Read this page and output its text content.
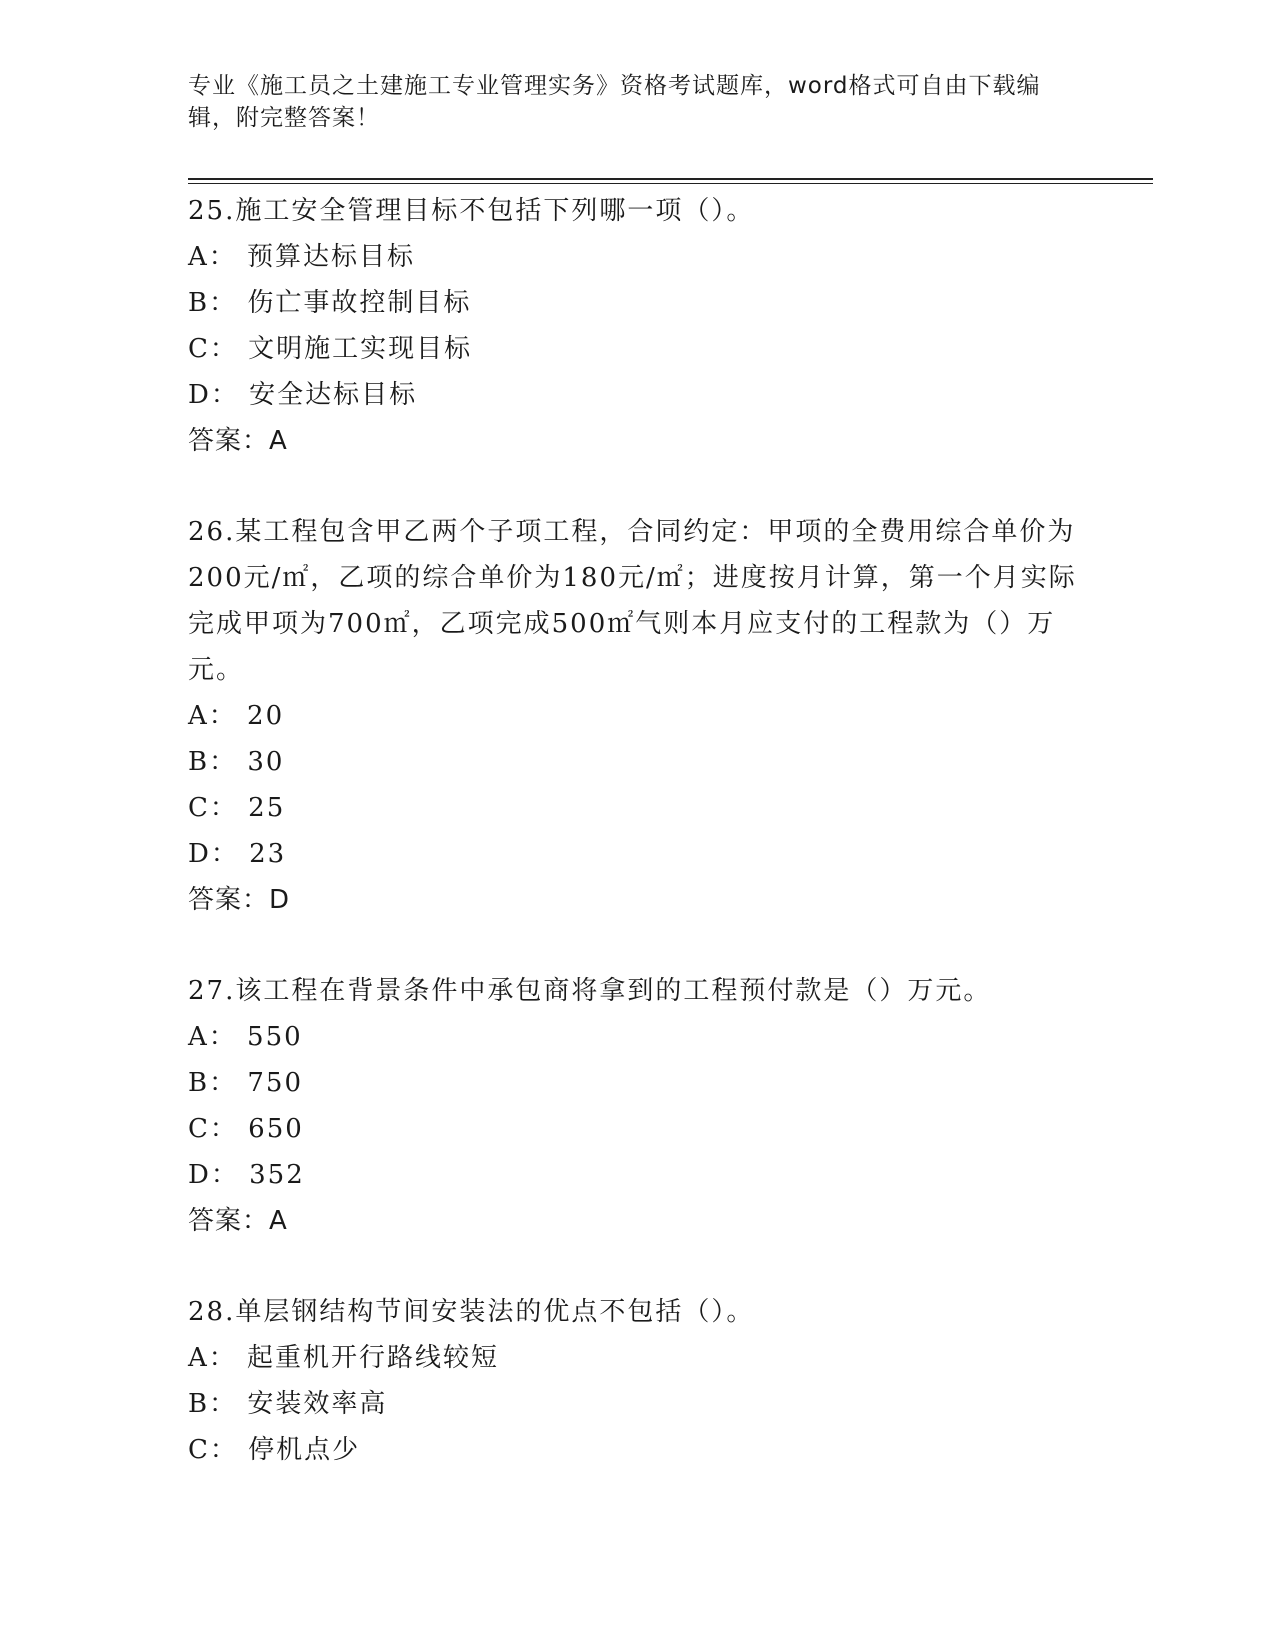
专业《施工员之土建施工专业管理实务》资格考试题库，word格式可自由下载编辑，附完整答案！

25.施工安全管理目标不包括下列哪一项（）。

A： 预算达标目标

B： 伤亡事故控制目标

C： 文明施工实现目标

D： 安全达标目标

答案：A

26.某工程包含甲乙两个子项工程，合同约定：甲项的全费用综合单价为200元/㎡，乙项的综合单价为180元/㎡；进度按月计算，第一个月实际完成甲项为700㎡，乙项完成500㎡气则本月应支付的工程款为（）万元。

A： 20

B： 30

C： 25

D： 23

答案：D

27.该工程在背景条件中承包商将拿到的工程预付款是（）万元。

A： 550

B： 750

C： 650

D： 352

答案：A

28.单层钢结构节间安装法的优点不包括（）。

A： 起重机开行路线较短

B： 安装效率高

C： 停机点少
